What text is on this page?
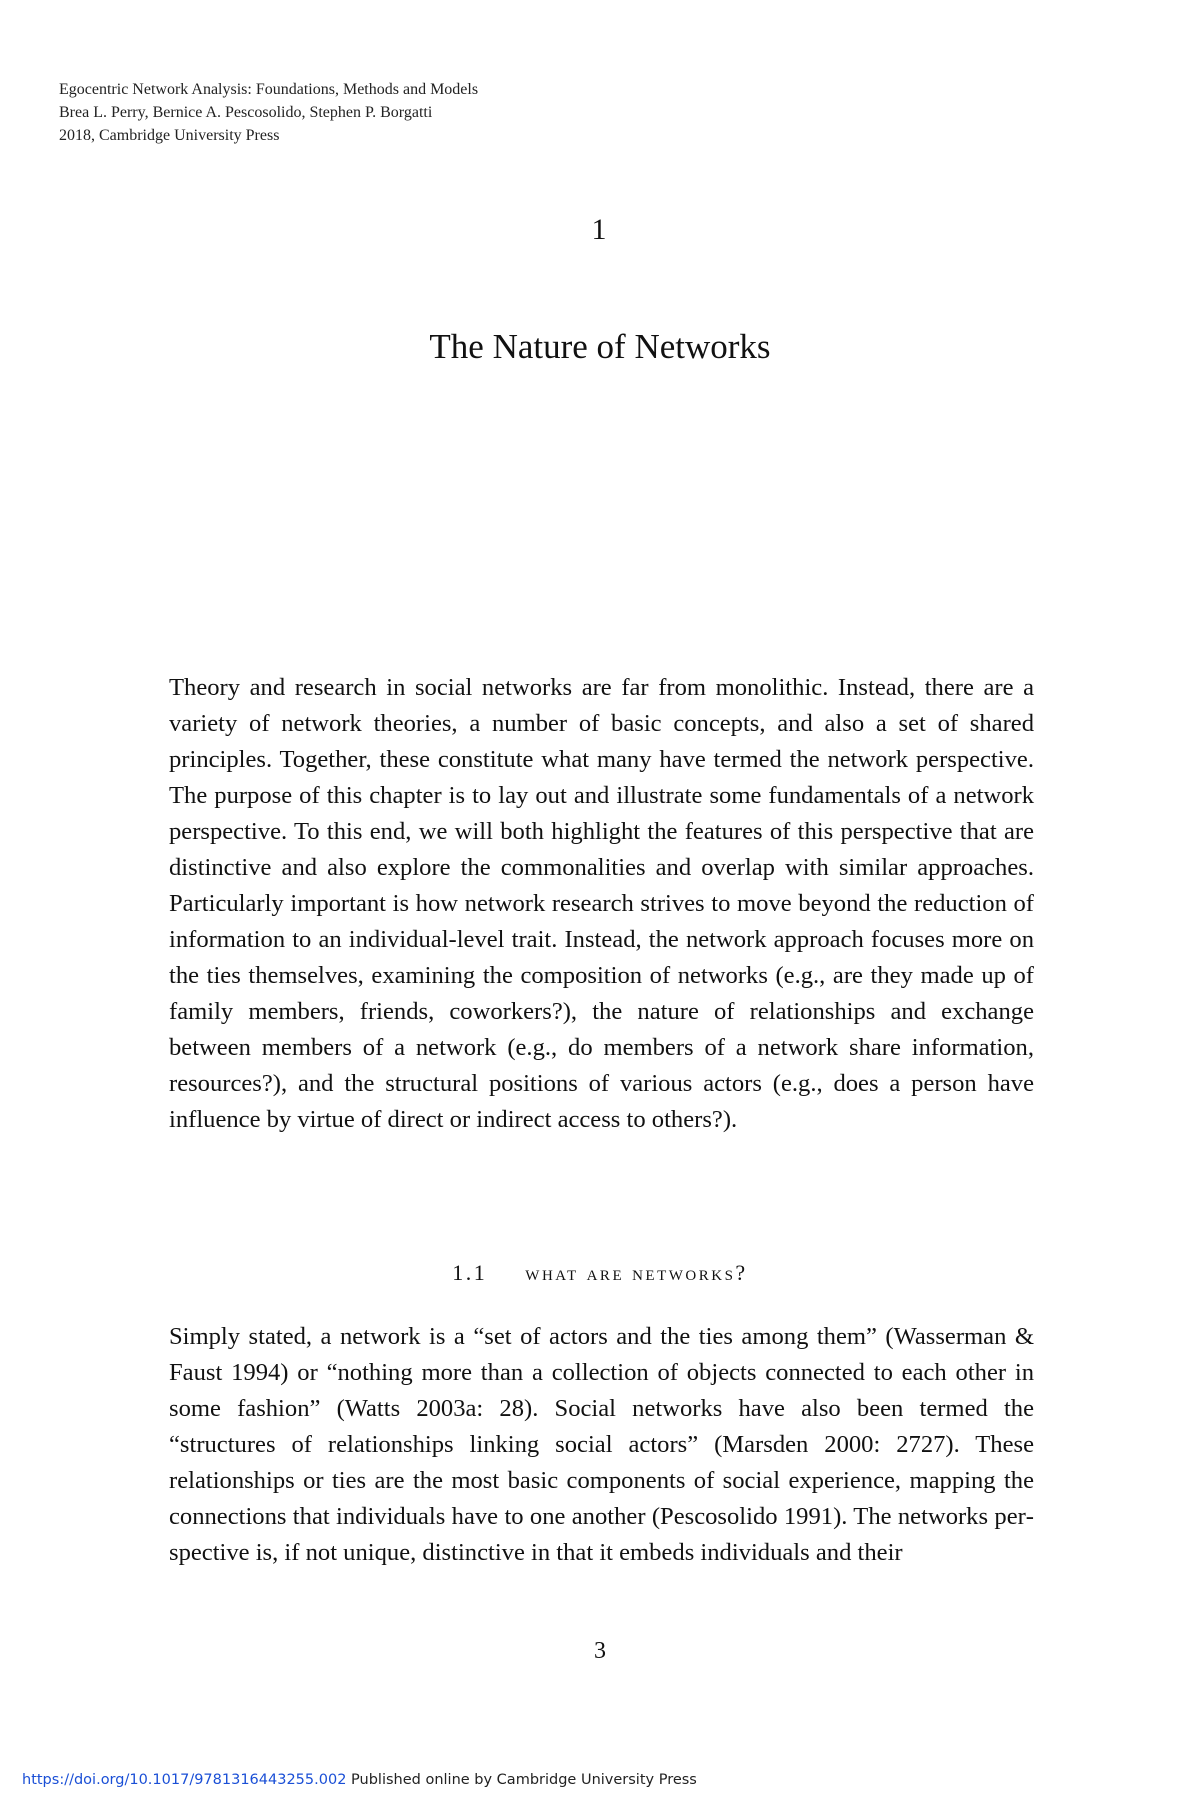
Egocentric Network Analysis: Foundations, Methods and Models
Brea L. Perry, Bernice A. Pescosolido, Stephen P. Borgatti
2018, Cambridge University Press
1
The Nature of Networks

Theory and research in social networks are far from monolithic. Instead, there are a variety of network theories, a number of basic concepts, and also a set of shared principles. Together, these constitute what many have termed the network perspective. The purpose of this chapter is to lay out and illustrate some fundamentals of a network perspective. To this end, we will both highlight the features of this perspective that are distinctive and also explore the commonalities and overlap with similar approaches. Particularly important is how network research strives to move beyond the reduction of information to an individual-level trait. Instead, the network approach focuses more on the ties themselves, examining the composition of networks (e.g., are they made up of family members, friends, coworkers?), the nature of relationships and exchange between members of a network (e.g., do members of a network share information, resources?), and the structural positions of various actors (e.g., does a person have influence by virtue of direct or indirect access to others?).

1.1 what are networks?

Simply stated, a network is a “set of actors and the ties among them” (Wasserman & Faust 1994) or “nothing more than a collection of objects connected to each other in some fashion” (Watts 2003a: 28). Social networks have also been termed the “structures of relationships linking social actors” (Marsden 2000: 2727). These relationships or ties are the most basic components of social experience, mapping the connections that individuals have to one another (Pescosolido 1991). The networks perspective is, if not unique, distinctive in that it embeds individuals and their

3
https://doi.org/10.1017/9781316443255.002 Published online by Cambridge University Press
